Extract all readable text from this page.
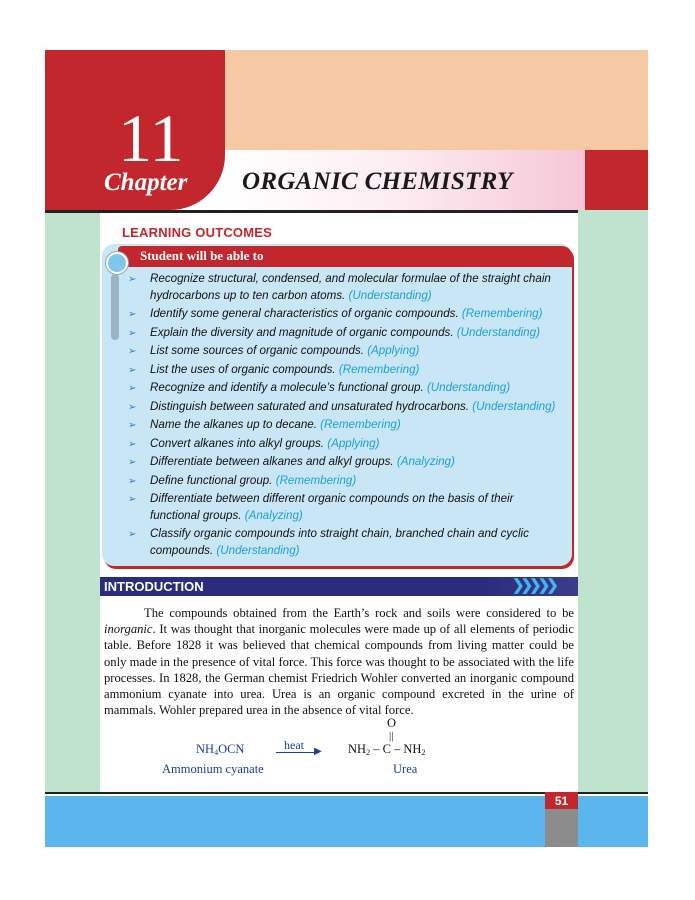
11
Chapter ORGANIC CHEMISTRY
LEARNING OUTCOMES
Student will be able to
➢ Recognize structural, condensed, and molecular formulae of the straight chain hydrocarbons up to ten carbon atoms. (Understanding)
➢ Identify some general characteristics of organic compounds. (Remembering)
➢ Explain the diversity and magnitude of organic compounds. (Understanding)
➢ List some sources of organic compounds. (Applying)
➢ List the uses of organic compounds. (Remembering)
➢ Recognize and identify a molecule’s functional group. (Understanding)
➢ Distinguish between saturated and unsaturated hydrocarbons. (Understanding)
➢ Name the alkanes up to decane. (Remembering)
➢ Convert alkanes into alkyl groups. (Applying)
➢ Differentiate between alkanes and alkyl groups. (Analyzing)
➢ Define functional group. (Remembering)
➢ Differentiate between different organic compounds on the basis of their functional groups. (Analyzing)
➢ Classify organic compounds into straight chain, branched chain and cyclic compounds. (Understanding)
INTRODUCTION	❯❯❯❯❯

The compounds obtained from the Earth’s rock and soils were considered to be inorganic. It was thought that inorganic molecules were made up of all elements of periodic table. Before 1828 it was believed that chemical compounds from living matter could be only made in the presence of vital force. This force was thought to be associated with the life processes. In 1828, the German chemist Friedrich Wohler converted an inorganic compound ammonium cyanate into urea. Urea is an organic compound excreted in the urine of mammals. Wohler prepared urea in the absence of vital force.

$NH_4OCN$	heat ▶
O
||
$NH_2$ – C – $NH_2$
Ammonium cyanate	Urea
51
